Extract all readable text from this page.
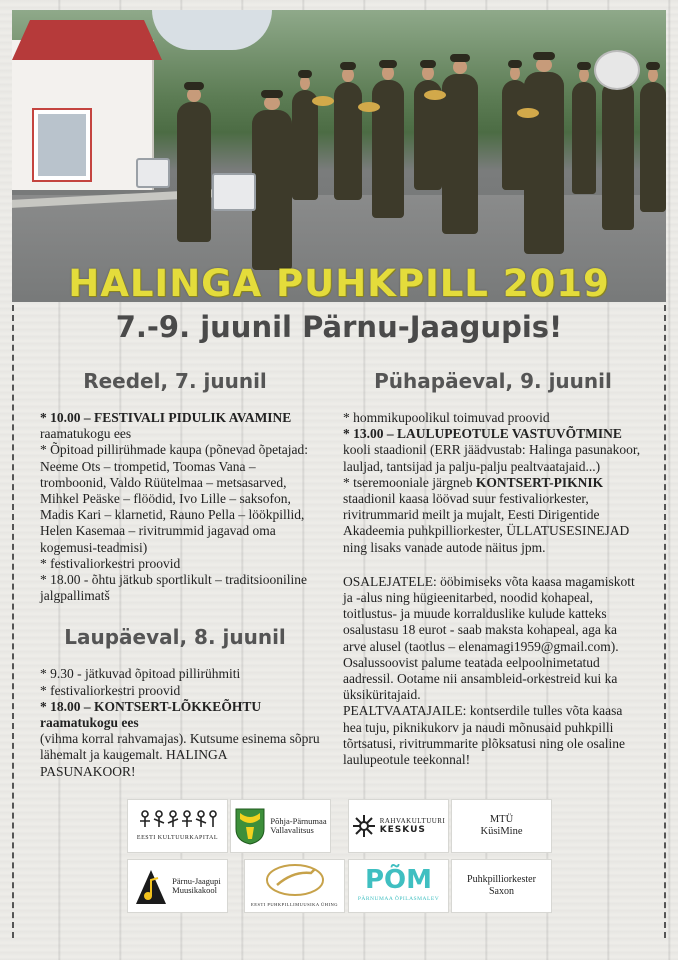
HALINGA PUHKPILL 2019
7.-9. juunil Pärnu-Jaagupis!
Reedel, 7. juunil

* 10.00 – FESTIVALI PIDULIK AVAMINE raamatukogu ees

* Õpitoad pillirühmade kaupa (põnevad õpetajad: Neeme Ots – trompetid, Toomas Vana – tromboonid, Valdo Rüütelmaa – metsasarved, Mihkel Peäske – flöödid, Ivo Lille – saksofon, Madis Kari – klarnetid, Rauno Pella – löökpillid, Helen Kasemaa – rivitrummid jagavad oma kogemusi-teadmisi)

* festivaliorkestri proovid

* 18.00 - õhtu jätkub sportlikult – traditsiooniline jalgpallimatš

Laupäeval, 8. juunil

* 9.30 - jätkuvad õpitoad pillirühmiti

* festivaliorkestri proovid

* 18.00 – KONTSERT-LÕKKEÕHTU raamatukogu ees

(vihma korral rahvamajas). Kutsume esinema sõpru lähemalt ja kaugemalt. HALINGA PASUNAKOOR!

Pühapäeval, 9. juunil

* hommikupoolikul toimuvad proovid

* 13.00 – LAULUPEOTULE VASTUVÕTMINE kooli staadionil (ERR jäädvustab: Halinga pasunakoor, lauljad, tantsijad ja palju-palju pealtvaatajaid...)

* tseremooniale järgneb KONTSERT-PIKNIK staadionil kaasa löövad suur festivaliorkester, rivitrummarid meilt ja mujalt, Eesti Dirigentide Akadeemia puhkpilliorkester, ÜLLATUSESINEJAD ning lisaks vanade autode näitus jpm.

OSALEJATELE: ööbimiseks võta kaasa magamiskott ja -alus ning hügieenitarbed, noodid kohapeal, toitlustus- ja muude korralduslike kulude katteks osalustasu 18 eurot - saab maksta kohapeal, aga ka arve alusel (taotlus – elenamagi1959@gmail.com). Osalussoovist palume teatada eelpoolnimetatud aadressil. Ootame nii ansambleid-orkestreid kui ka üksiküritajaid.

PEALTVAATAJAILE: kontserdile tulles võta kaasa hea tuju, piknikukorv ja naudi mõnusaid puhkpilli tõrtsatusi, rivitrummarite plõksatusi ning ole osaline laulupeotule teekonnal!

EESTI KULTUURKAPITAL
Põhja-Pärnumaa
Vallavalitsus
RAHVAKULTUURI
KESKUS
MTÜ
KüsiMine
Pärnu-Jaagupi
Muusikakool
EESTI PUHKPILLIMUUSIKA ÜHING
PÕM
PÄRNUMAA ÕPILASMALEV
Puhkpilliorkester
Saxon
